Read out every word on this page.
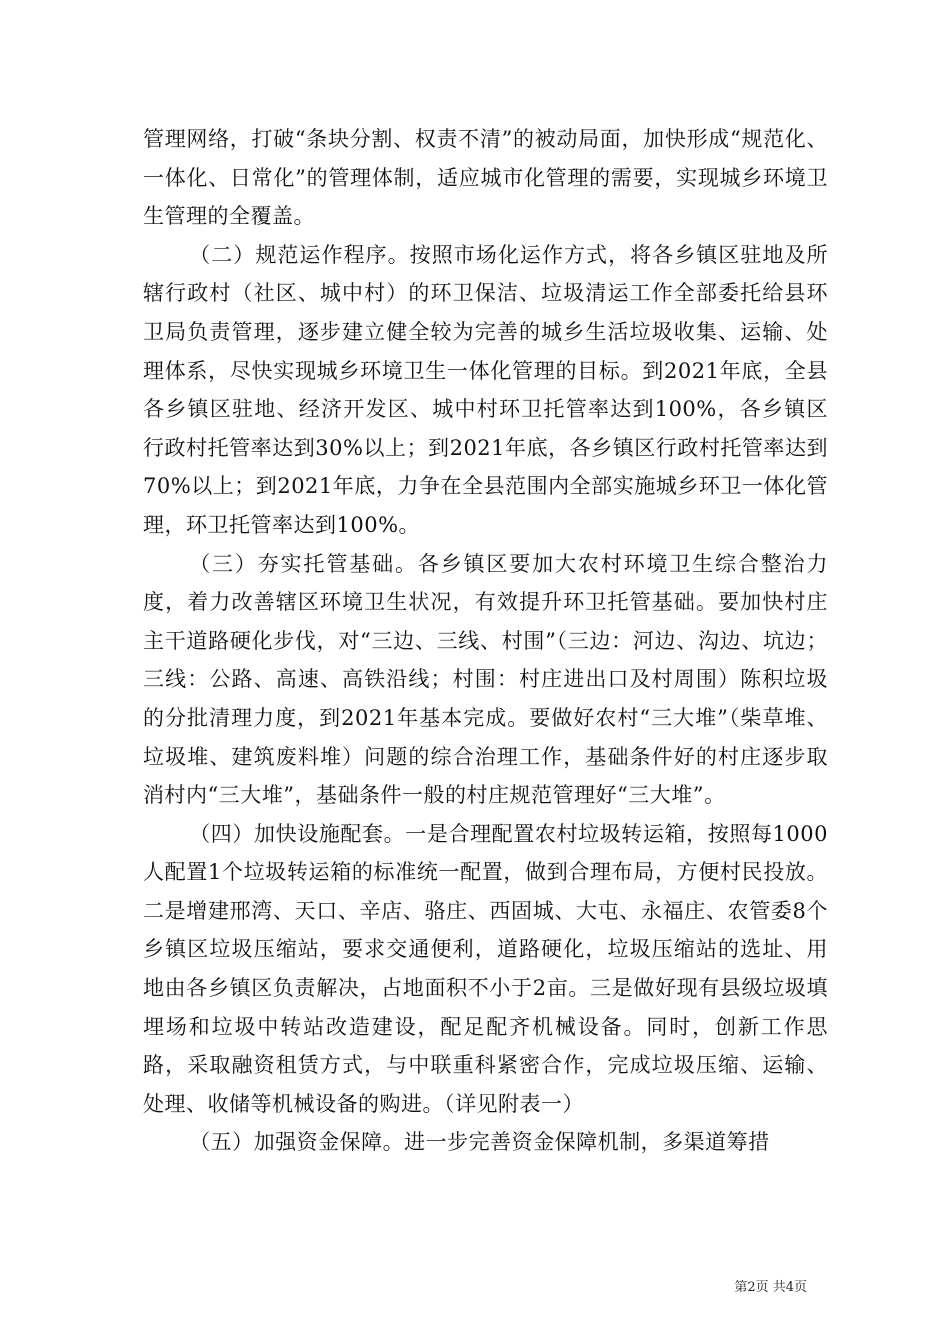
管理网络，打破“条块分割、权责不清”的被动局面，加快形成“规范化、一体化、日常化”的管理体制，适应城市化管理的需要，实现城乡环境卫生管理的全覆盖。

（二）规范运作程序。按照市场化运作方式，将各乡镇区驻地及所辖行政村（社区、城中村）的环卫保洁、垃圾清运工作全部委托给县环卫局负责管理，逐步建立健全较为完善的城乡生活垃圾收集、运输、处理体系，尽快实现城乡环境卫生一体化管理的目标。到2021年底，全县各乡镇区驻地、经济开发区、城中村环卫托管率达到100%，各乡镇区行政村托管率达到30%以上；到2021年底，各乡镇区行政村托管率达到70%以上；到2021年底，力争在全县范围内全部实施城乡环卫一体化管理，环卫托管率达到100%。

（三）夯实托管基础。各乡镇区要加大农村环境卫生综合整治力度，着力改善辖区环境卫生状况，有效提升环卫托管基础。要加快村庄主干道路硬化步伐，对“三边、三线、村围”（三边：河边、沟边、坑边；三线：公路、高速、高铁沿线；村围：村庄进出口及村周围）陈积垃圾的分批清理力度，到2021年基本完成。要做好农村“三大堆”（柴草堆、垃圾堆、建筑废料堆）问题的综合治理工作，基础条件好的村庄逐步取消村内“三大堆”，基础条件一般的村庄规范管理好“三大堆”。

（四）加快设施配套。一是合理配置农村垃圾转运箱，按照每1000人配置1个垃圾转运箱的标准统一配置，做到合理布局，方便村民投放。二是增建邢湾、天口、辛店、骆庄、西固城、大屯、永福庄、农管委8个乡镇区垃圾压缩站，要求交通便利，道路硬化，垃圾压缩站的选址、用地由各乡镇区负责解决，占地面积不小于2亩。三是做好现有县级垃圾填埋场和垃圾中转站改造建设，配足配齐机械设备。同时，创新工作思路，采取融资租赁方式，与中联重科紧密合作，完成垃圾压缩、运输、处理、收储等机械设备的购进。（详见附表一）

（五）加强资金保障。进一步完善资金保障机制，多渠道筹措

第2页 共4页
